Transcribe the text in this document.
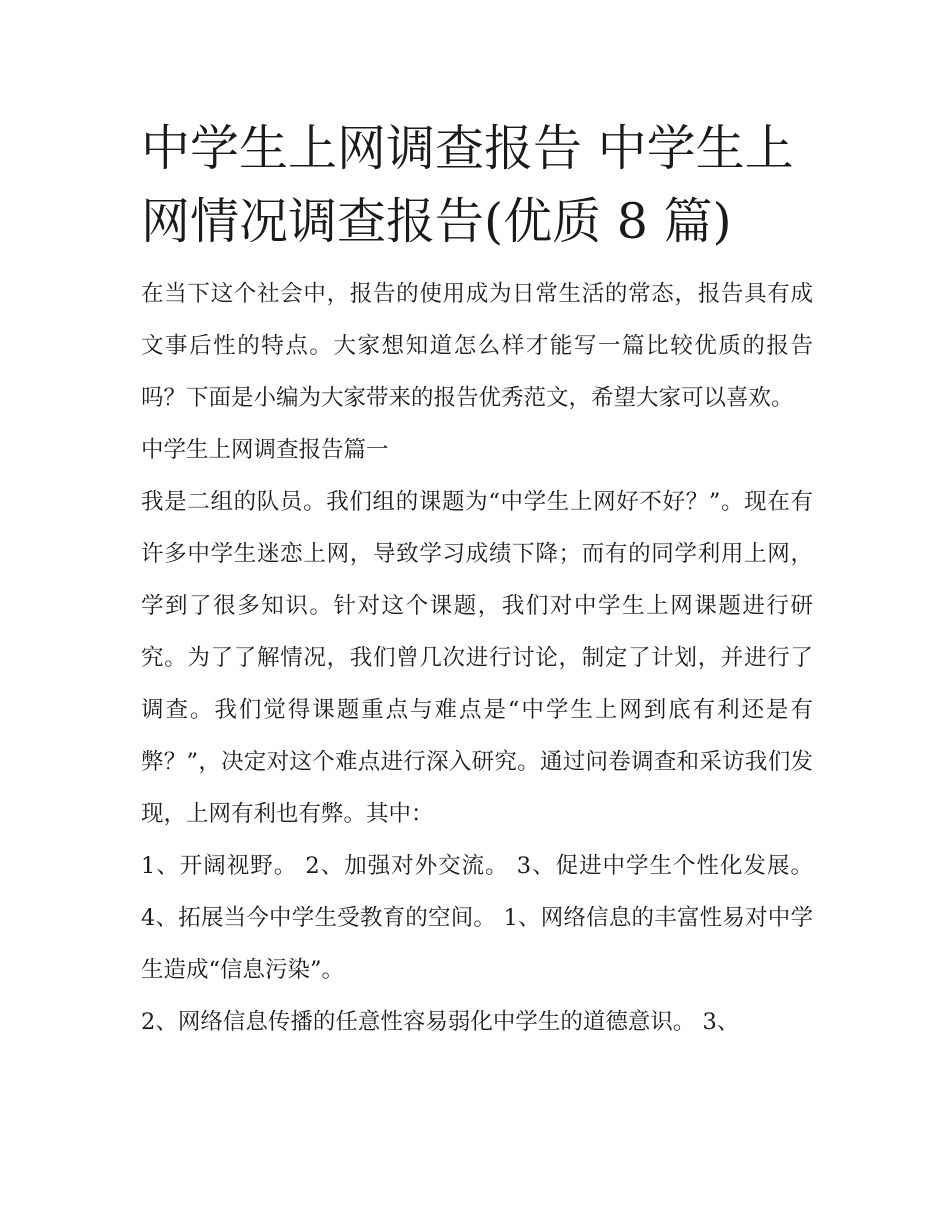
中学生上网调查报告 中学生上网情况调查报告(优质 8 篇)

在当下这个社会中，报告的使用成为日常生活的常态，报告具有成文事后性的特点。大家想知道怎么样才能写一篇比较优质的报告吗？下面是小编为大家带来的报告优秀范文，希望大家可以喜欢。

中学生上网调查报告篇一

我是二组的队员。我们组的课题为“中学生上网好不好？”。现在有许多中学生迷恋上网，导致学习成绩下降；而有的同学利用上网，学到了很多知识。针对这个课题，我们对中学生上网课题进行研究。为了了解情况，我们曾几次进行讨论，制定了计划，并进行了调查。我们觉得课题重点与难点是“中学生上网到底有利还是有弊？”，决定对这个难点进行深入研究。通过问卷调查和采访我们发现，上网有利也有弊。其中：

1、开阔视野。 2、加强对外交流。 3、促进中学生个性化发展。 4、拓展当今中学生受教育的空间。 1、网络信息的丰富性易对中学生造成“信息污染”。

2、网络信息传播的任意性容易弱化中学生的道德意识。 3、
